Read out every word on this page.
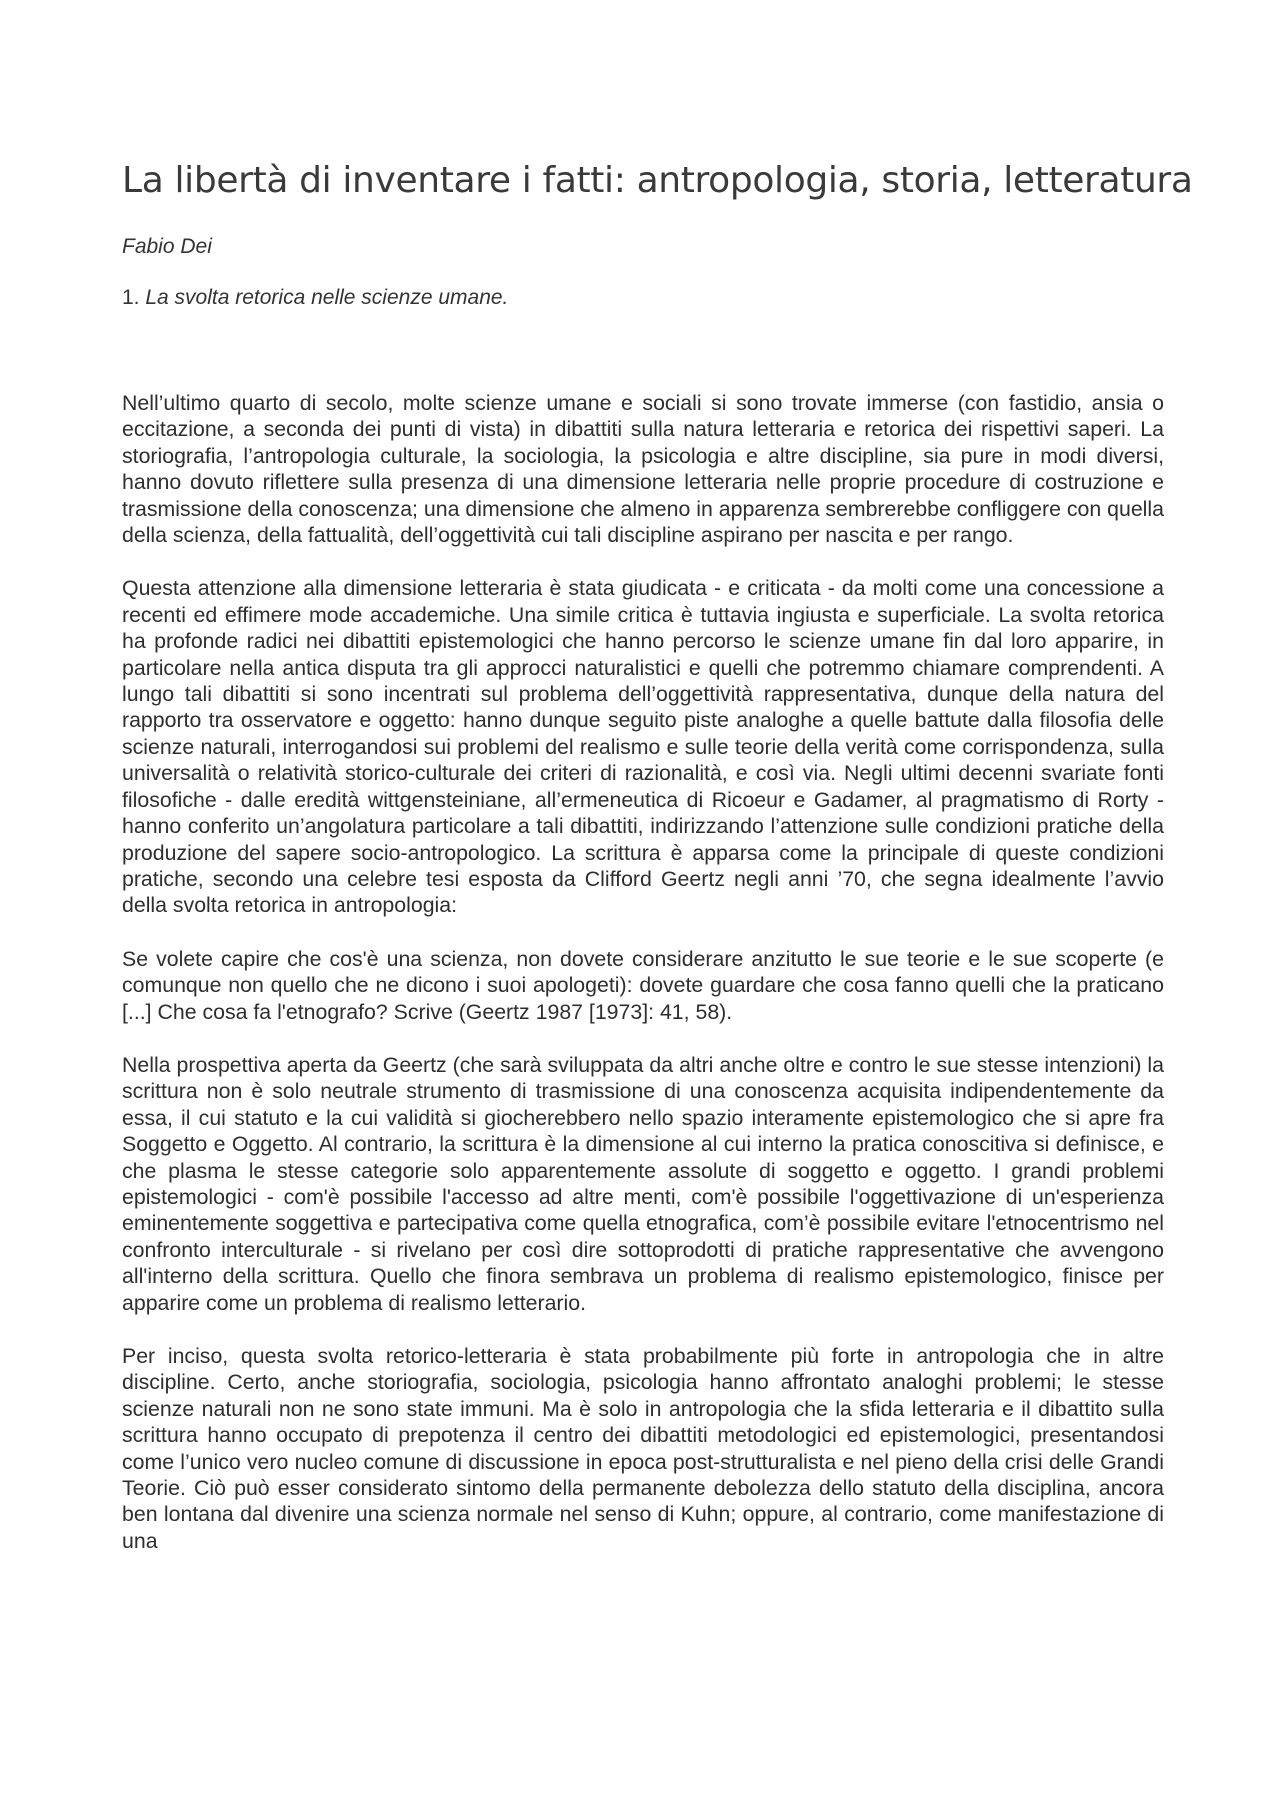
La libertà di inventare i fatti: antropologia, storia, letteratura

Fabio Dei

1. La svolta retorica nelle scienze umane.

Nell’ultimo quarto di secolo, molte scienze umane e sociali si sono trovate immerse (con fastidio, ansia o eccitazione, a seconda dei punti di vista) in dibattiti sulla natura letteraria e retorica dei rispettivi saperi. La storiografia, l’antropologia culturale, la sociologia, la psicologia e altre discipline, sia pure in modi diversi, hanno dovuto riflettere sulla presenza di una dimensione letteraria nelle proprie procedure di costruzione e trasmissione della conoscenza; una dimensione che almeno in apparenza sembrerebbe confliggere con quella della scienza, della fattualità, dell’oggettività cui tali discipline aspirano per nascita e per rango.

Questa attenzione alla dimensione letteraria è stata giudicata - e criticata - da molti come una concessione a recenti ed effimere mode accademiche. Una simile critica è tuttavia ingiusta e superficiale. La svolta retorica ha profonde radici nei dibattiti epistemologici che hanno percorso le scienze umane fin dal loro apparire, in particolare nella antica disputa tra gli approcci naturalistici e quelli che potremmo chiamare comprendenti. A lungo tali dibattiti si sono incentrati sul problema dell’oggettività rappresentativa, dunque della natura del rapporto tra osservatore e oggetto: hanno dunque seguito piste analoghe a quelle battute dalla filosofia delle scienze naturali, interrogandosi sui problemi del realismo e sulle teorie della verità come corrispondenza, sulla universalità o relatività storico-culturale dei criteri di razionalità, e così via. Negli ultimi decenni svariate fonti filosofiche - dalle eredità wittgensteiniane, all’ermeneutica di Ricoeur e Gadamer, al pragmatismo di Rorty - hanno conferito un’angolatura particolare a tali dibattiti, indirizzando l’attenzione sulle condizioni pratiche della produzione del sapere socio-antropologico. La scrittura è apparsa come la principale di queste condizioni pratiche, secondo una celebre tesi esposta da Clifford Geertz negli anni ’70, che segna idealmente l’avvio della svolta retorica in antropologia:

Se volete capire che cos'è una scienza, non dovete considerare anzitutto le sue teorie e le sue scoperte (e comunque non quello che ne dicono i suoi apologeti): dovete guardare che cosa fanno quelli che la praticano [...] Che cosa fa l'etnografo? Scrive (Geertz 1987 [1973]: 41, 58).

Nella prospettiva aperta da Geertz (che sarà sviluppata da altri anche oltre e contro le sue stesse intenzioni) la scrittura non è solo neutrale strumento di trasmissione di una conoscenza acquisita indipendentemente da essa, il cui statuto e la cui validità si giocherebbero nello spazio interamente epistemologico che si apre fra Soggetto e Oggetto. Al contrario, la scrittura è la dimensione al cui interno la pratica conoscitiva si definisce, e che plasma le stesse categorie solo apparentemente assolute di soggetto e oggetto. I grandi problemi epistemologici - com'è possibile l'accesso ad altre menti, com'è possibile l'oggettivazione di un'esperienza eminentemente soggettiva e partecipativa come quella etnografica, com’è possibile evitare l'etnocentrismo nel confronto interculturale - si rivelano per così dire sottoprodotti di pratiche rappresentative che avvengono all'interno della scrittura. Quello che finora sembrava un problema di realismo epistemologico, finisce per apparire come un problema di realismo letterario.

Per inciso, questa svolta retorico-letteraria è stata probabilmente più forte in antropologia che in altre discipline. Certo, anche storiografia, sociologia, psicologia hanno affrontato analoghi problemi; le stesse scienze naturali non ne sono state immuni. Ma è solo in antropologia che la sfida letteraria e il dibattito sulla scrittura hanno occupato di prepotenza il centro dei dibattiti metodologici ed epistemologici, presentandosi come l’unico vero nucleo comune di discussione in epoca post-strutturalista e nel pieno della crisi delle Grandi Teorie. Ciò può esser considerato sintomo della permanente debolezza dello statuto della disciplina, ancora ben lontana dal divenire una scienza normale nel senso di Kuhn; oppure, al contrario, come manifestazione di una
